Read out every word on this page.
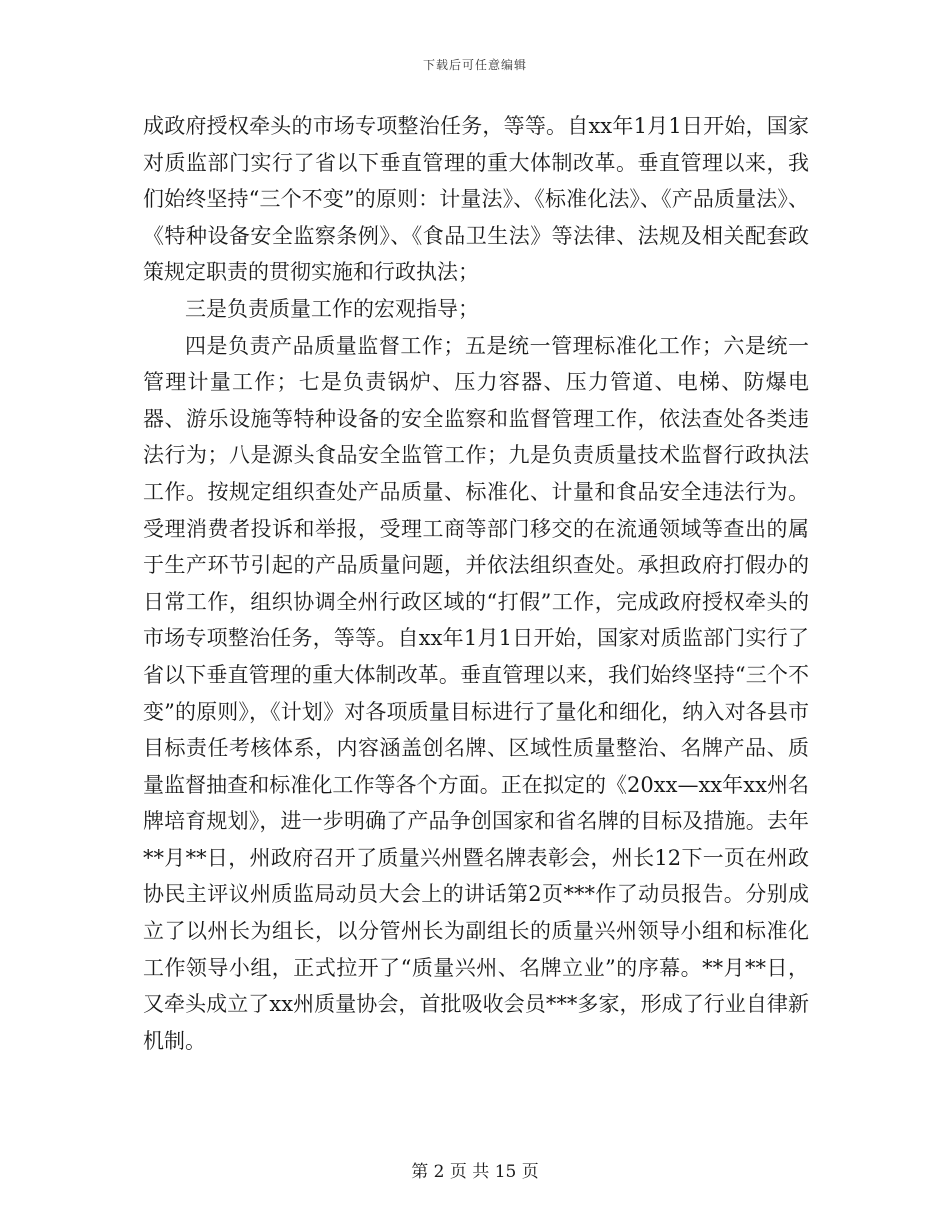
下载后可任意编辑

成政府授权牵头的市场专项整治任务，等等。自xx年1月1日开始，国家对质监部门实行了省以下垂直管理的重大体制改革。垂直管理以来，我们始终坚持“三个不变”的原则：计量法》、《标准化法》、《产品质量法》、《特种设备安全监察条例》、《食品卫生法》等法律、法规及相关配套政策规定职责的贯彻实施和行政执法；

三是负责质量工作的宏观指导；

四是负责产品质量监督工作；五是统一管理标准化工作；六是统一管理计量工作；七是负责锅炉、压力容器、压力管道、电梯、防爆电器、游乐设施等特种设备的安全监察和监督管理工作，依法查处各类违法行为；八是源头食品安全监管工作；九是负责质量技术监督行政执法工作。按规定组织查处产品质量、标准化、计量和食品安全违法行为。受理消费者投诉和举报，受理工商等部门移交的在流通领域等查出的属于生产环节引起的产品质量问题，并依法组织查处。承担政府打假办的日常工作，组织协调全州行政区域的“打假”工作，完成政府授权牵头的市场专项整治任务，等等。自xx年1月1日开始，国家对质监部门实行了省以下垂直管理的重大体制改革。垂直管理以来，我们始终坚持“三个不变”的原则》，《计划》对各项质量目标进行了量化和细化，纳入对各县市目标责任考核体系，内容涵盖创名牌、区域性质量整治、名牌产品、质量监督抽查和标准化工作等各个方面。正在拟定的《20xx—xx年xx州名牌培育规划》，进一步明确了产品争创国家和省名牌的目标及措施。去年**月**日，州政府召开了质量兴州暨名牌表彰会，州长12下一页在州政协民主评议州质监局动员大会上的讲话第2页***作了动员报告。分别成立了以州长为组长，以分管州长为副组长的质量兴州领导小组和标准化工作领导小组，正式拉开了“质量兴州、名牌立业”的序幕。**月**日，又牵头成立了xx州质量协会，首批吸收会员***多家，形成了行业自律新机制。

第 2 页 共 15 页
